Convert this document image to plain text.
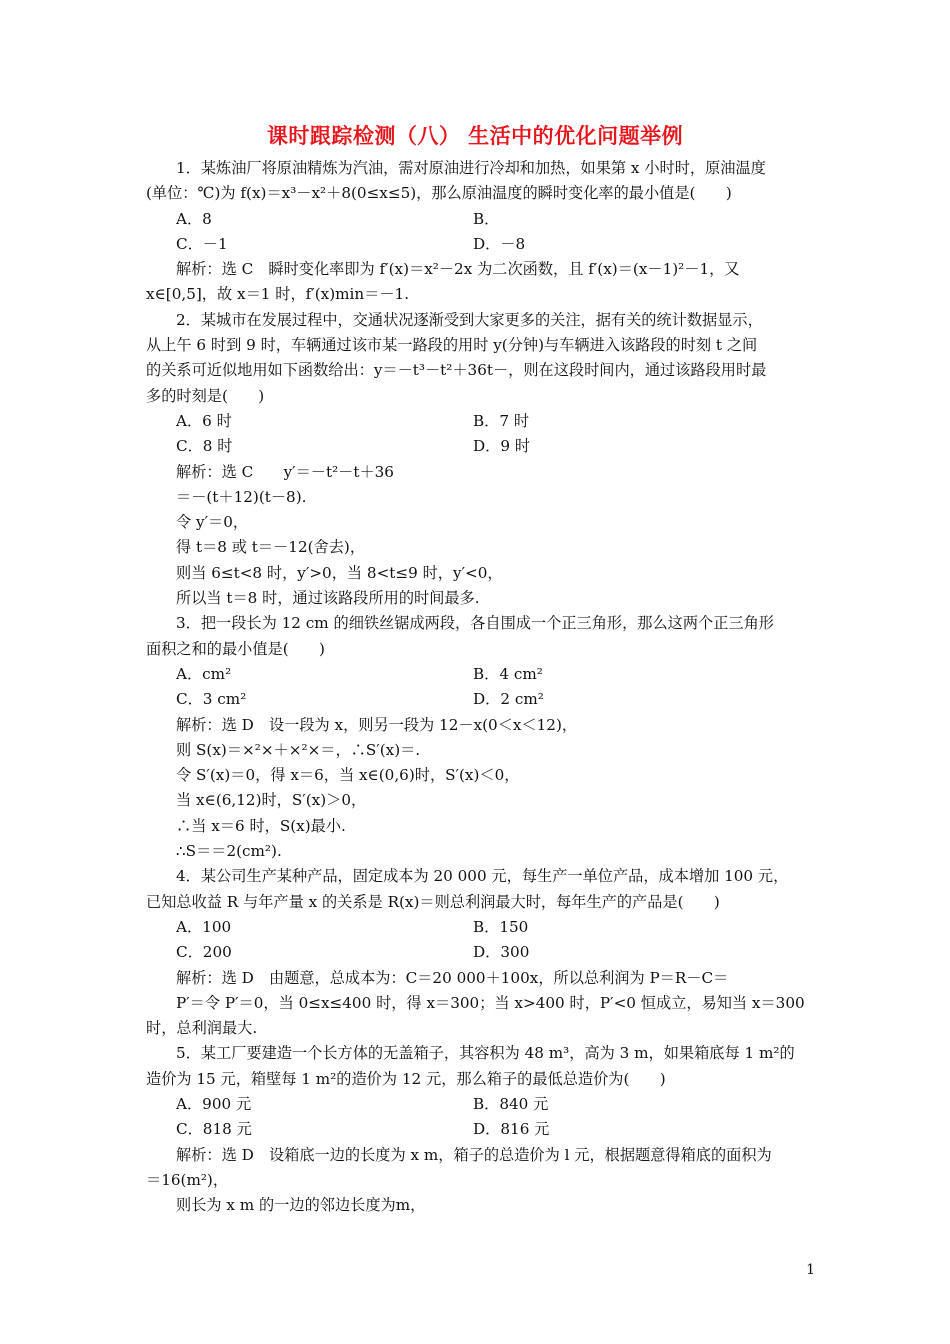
课时跟踪检测（八） 生活中的优化问题举例
1．某炼油厂将原油精炼为汽油，需对原油进行冷却和加热，如果第 x 小时时，原油温度
(单位：℃)为 f(x)＝x³－x²＋8(0≤x≤5)，那么原油温度的瞬时变化率的最小值是(　　)
A．8	B．
C．－1	D．－8
解析：选 C　瞬时变化率即为 f′(x)＝x²－2x 为二次函数，且 f′(x)＝(x－1)²－1，又
x∈[0,5]，故 x＝1 时，f′(x)min＝－1.
2．某城市在发展过程中，交通状况逐渐受到大家更多的关注，据有关的统计数据显示，
从上午 6 时到 9 时，车辆通过该市某一路段的用时 y(分钟)与车辆进入该路段的时刻 t 之间
的关系可近似地用如下函数给出：y＝－t³－t²＋36t－，则在这段时间内，通过该路段用时最
多的时刻是(　　)
A．6 时	B．7 时
C．8 时	D．9 时
解析：选 C　　y′＝－t²－t＋36
＝－(t＋12)(t－8).
令 y′＝0，
得 t＝8 或 t＝－12(舍去)，
则当 6≤t<8 时，y′>0，当 8<t≤9 时，y′<0，
所以当 t＝8 时，通过该路段所用的时间最多.
3．把一段长为 12 cm 的细铁丝锯成两段，各自围成一个正三角形，那么这两个正三角形
面积之和的最小值是(　　)
A．cm²	B．4 cm²
C．3 cm²	D．2 cm²
解析：选 D　设一段为 x，则另一段为 12－x(0＜x＜12)，
则 S(x)＝×²×＋×²×＝，∴S′(x)＝.
令 S′(x)＝0，得 x＝6，当 x∈(0,6)时，S′(x)＜0，
当 x∈(6,12)时，S′(x)＞0，
∴当 x＝6 时，S(x)最小.
∴S＝＝2(cm²).
4．某公司生产某种产品，固定成本为 20 000 元，每生产一单位产品，成本增加 100 元，
已知总收益 R 与年产量 x 的关系是 R(x)＝则总利润最大时，每年生产的产品是(　　)
A．100	B．150
C．200	D．300
解析：选 D　由题意，总成本为：C＝20 000＋100x，所以总利润为 P＝R－C＝
P′＝令 P′＝0，当 0≤x≤400 时，得 x＝300；当 x>400 时，P′<0 恒成立，易知当 x＝300
时，总利润最大.
5．某工厂要建造一个长方体的无盖箱子，其容积为 48 m³，高为 3 m，如果箱底每 1 m²的
造价为 15 元，箱壁每 1 m²的造价为 12 元，那么箱子的最低总造价为(　　)
A．900 元	B．840 元
C．818 元	D．816 元
解析：选 D　设箱底一边的长度为 x m，箱子的总造价为 l 元，根据题意得箱底的面积为
＝16(m²)，
则长为 x m 的一边的邻边长度为m，
1
